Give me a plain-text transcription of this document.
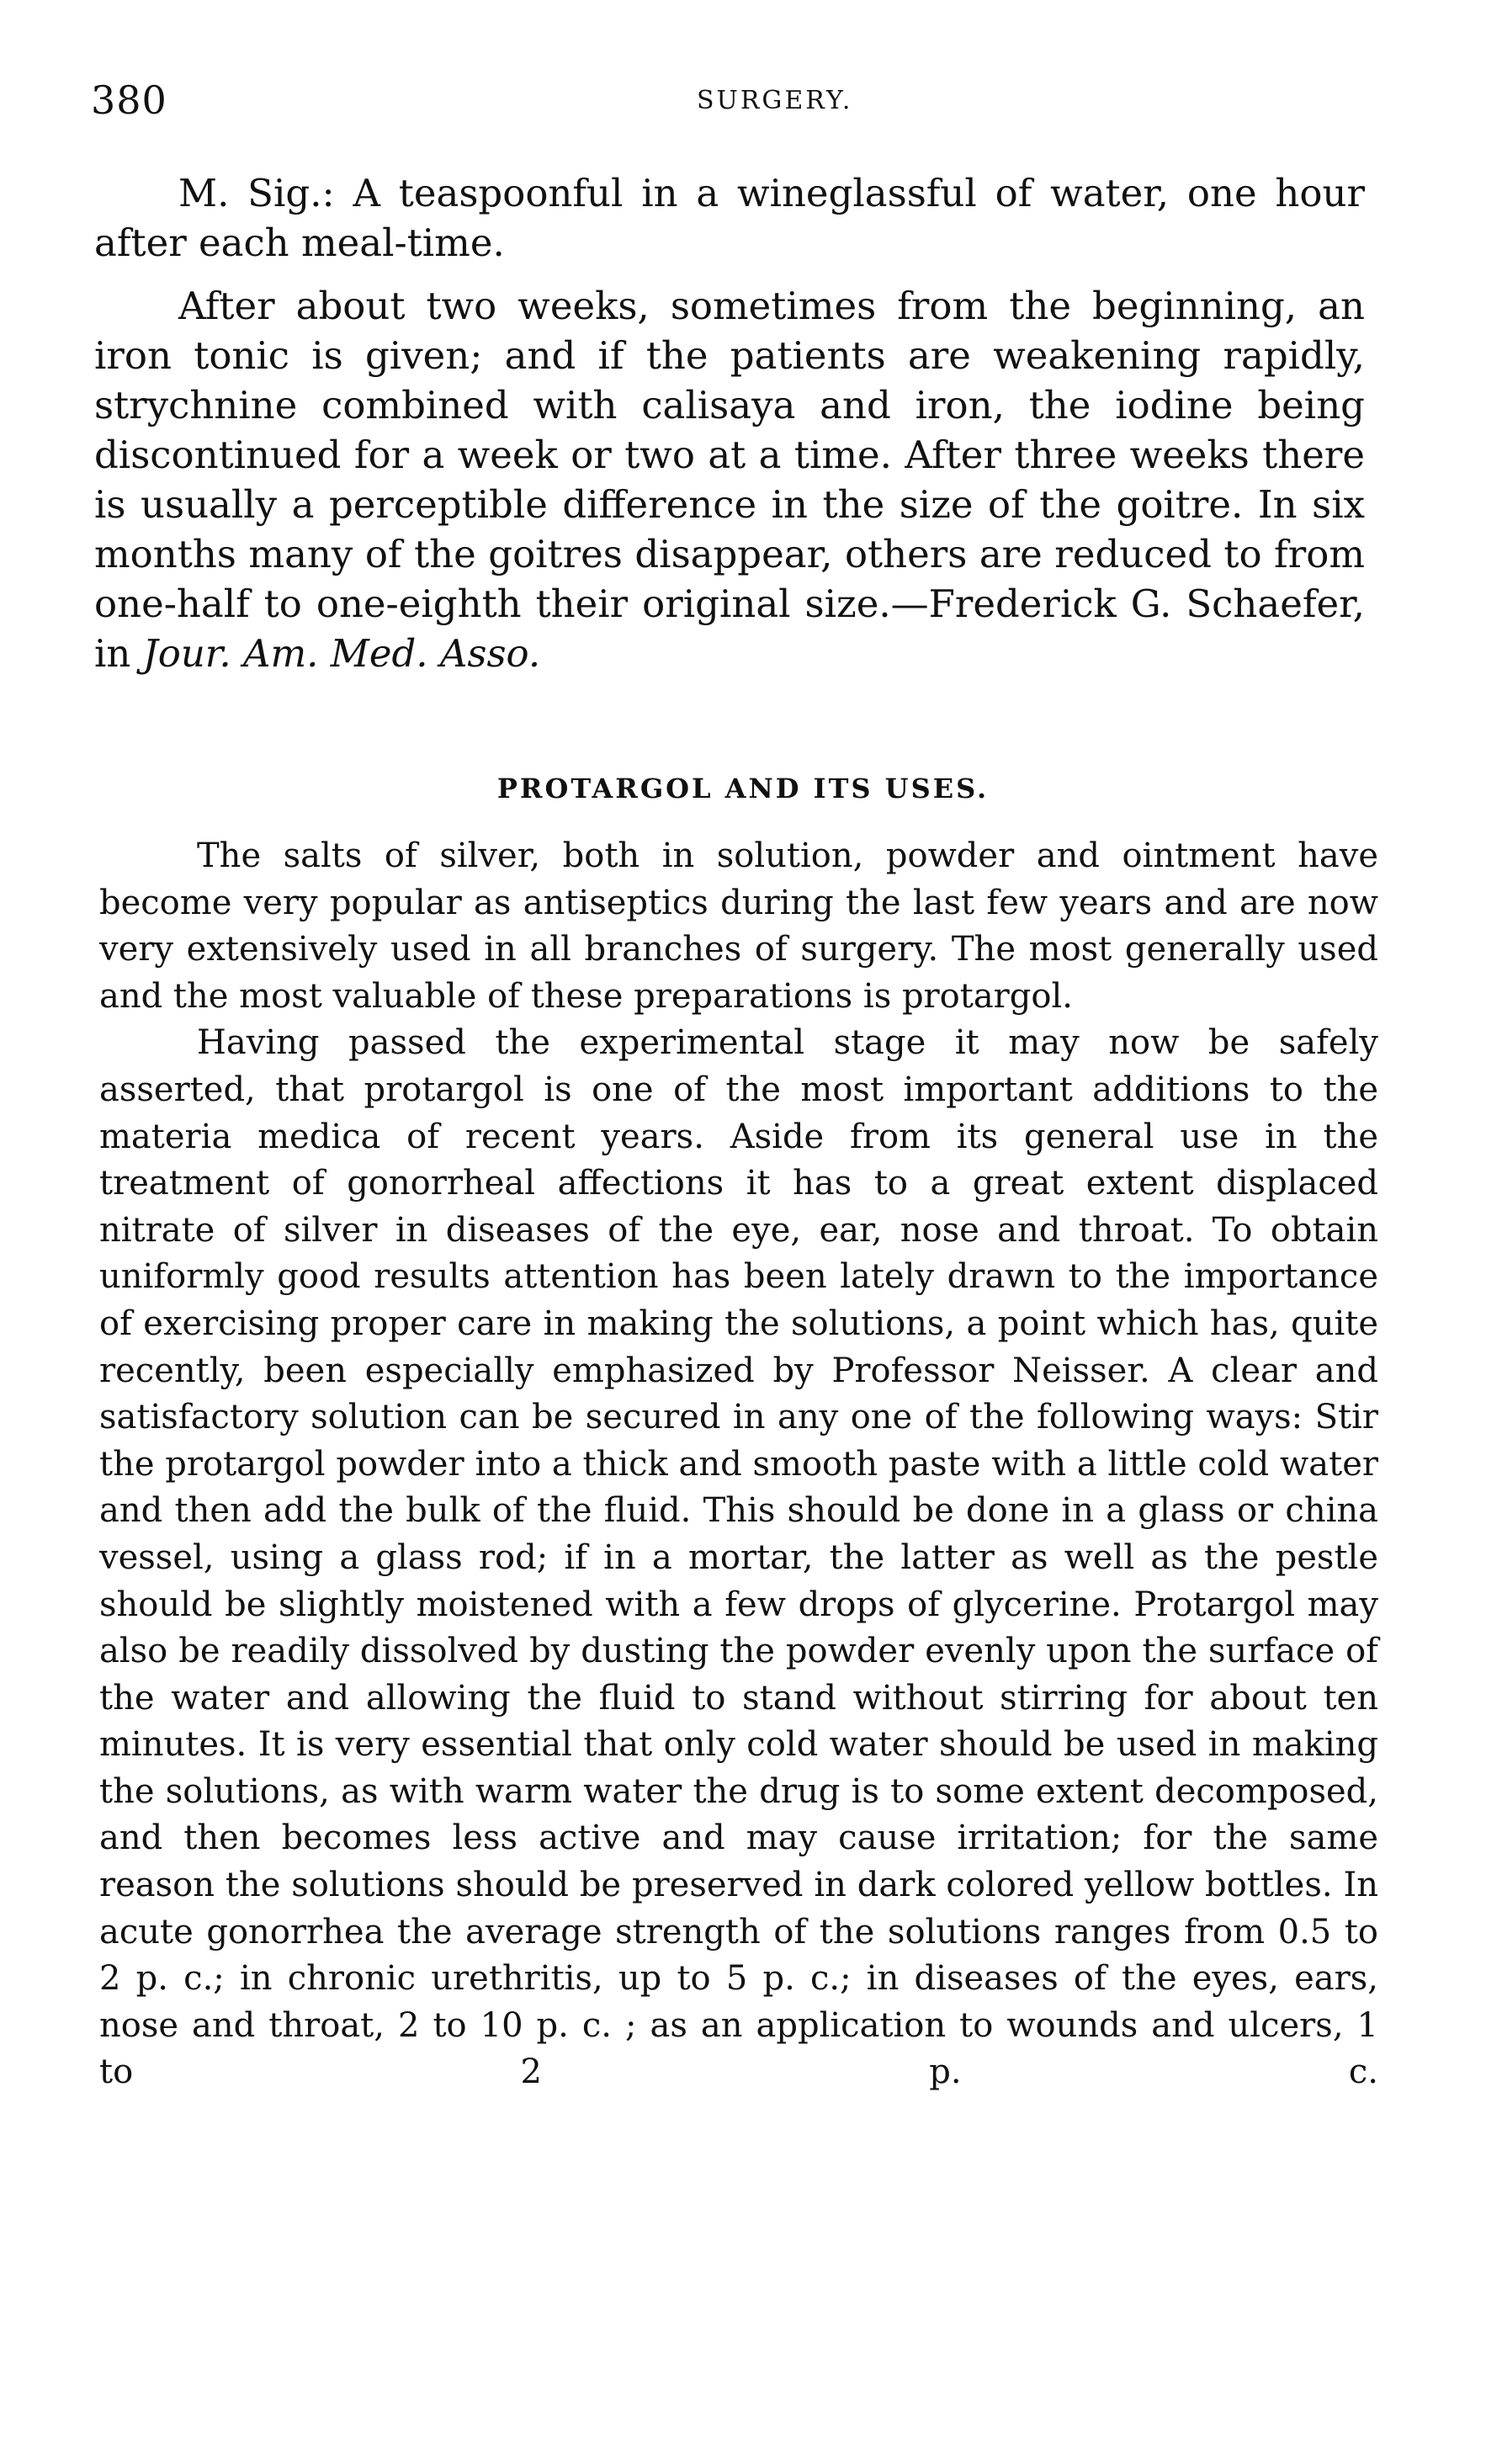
380	SURGERY.

M. Sig.: A teaspoonful in a wineglassful of water, one hour after each meal-time.

After about two weeks, sometimes from the beginning, an iron tonic is given; and if the patients are weakening rapidly, strychnine combined with calisaya and iron, the iodine being discontinued for a week or two at a time. After three weeks there is usually a perceptible difference in the size of the goitre. In six months many of the goitres disappear, others are reduced to from one-half to one-eighth their original size.—Frederick G. Schaefer, in Jour. Am. Med. Asso.

PROTARGOL AND ITS USES.

The salts of silver, both in solution, powder and ointment have become very popular as antiseptics during the last few years and are now very extensively used in all branches of surgery. The most generally used and the most valuable of these preparations is protargol.

Having passed the experimental stage it may now be safely asserted, that protargol is one of the most important additions to the materia medica of recent years. Aside from its general use in the treatment of gonorrheal affections it has to a great extent displaced nitrate of silver in diseases of the eye, ear, nose and throat. To obtain uniformly good results attention has been lately drawn to the importance of exercising proper care in making the solutions, a point which has, quite recently, been especially emphasized by Professor Neisser. A clear and satisfactory solution can be secured in any one of the following ways: Stir the protargol powder into a thick and smooth paste with a little cold water and then add the bulk of the fluid. This should be done in a glass or china vessel, using a glass rod; if in a mortar, the latter as well as the pestle should be slightly moistened with a few drops of glycerine. Protargol may also be readily dissolved by dusting the powder evenly upon the surface of the water and allowing the fluid to stand without stirring for about ten minutes. It is very essential that only cold water should be used in making the solutions, as with warm water the drug is to some extent decomposed, and then becomes less active and may cause irritation; for the same reason the solutions should be preserved in dark colored yellow bottles. In acute gonorrhea the average strength of the solutions ranges from 0.5 to 2 p. c.; in chronic urethritis, up to 5 p. c.; in diseases of the eyes, ears, nose and throat, 2 to 10 p. c. ; as an application to wounds and ulcers, 1 to 2 p. c.
